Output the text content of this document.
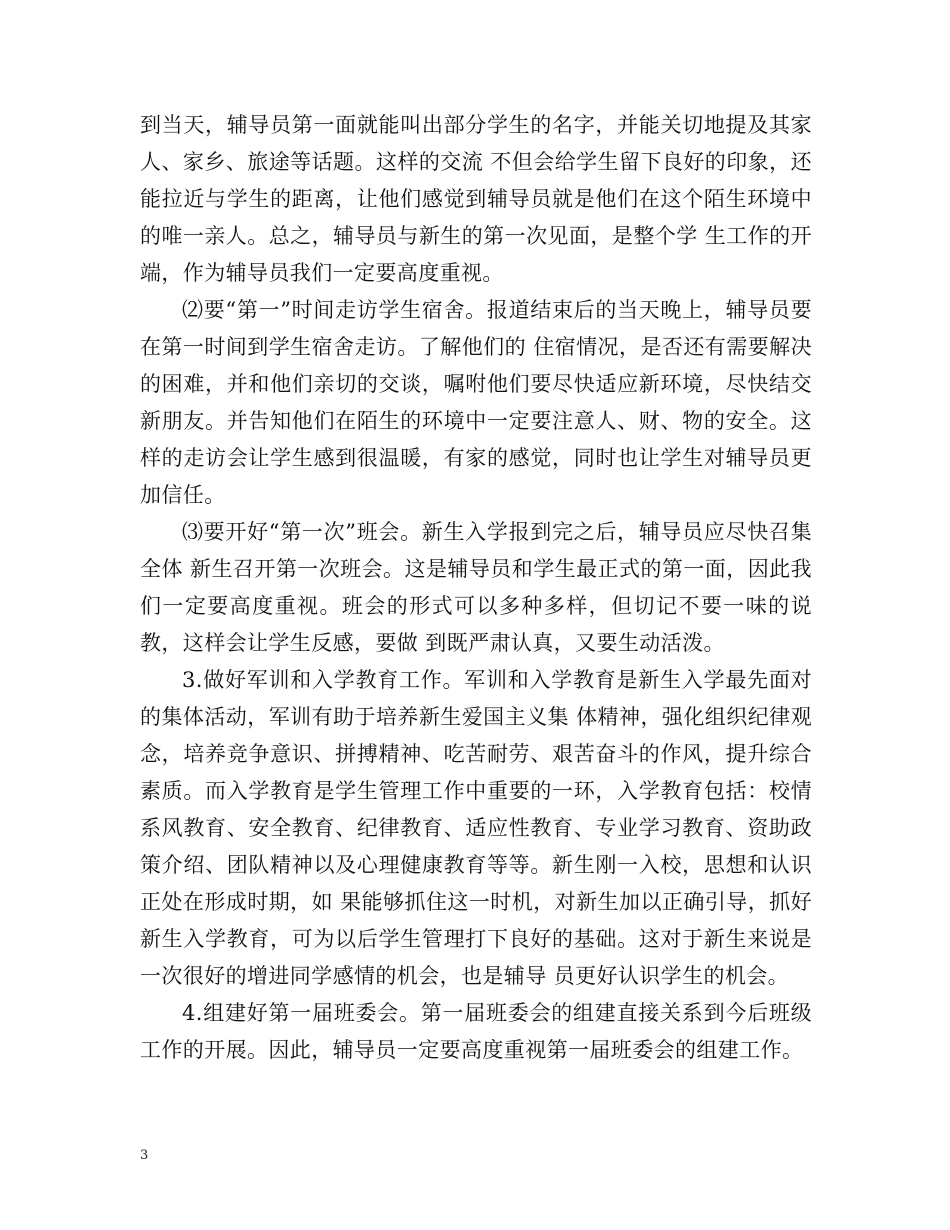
到当天，辅导员第一面就能叫出部分学生的名字，并能关切地提及其家人、家乡、旅途等话题。这样的交流 不但会给学生留下良好的印象，还能拉近与学生的距离，让他们感觉到辅导员就是他们在这个陌生环境中的唯一亲人。总之，辅导员与新生的第一次见面，是整个学 生工作的开端，作为辅导员我们一定要高度重视。

⑵要“第一”时间走访学生宿舍。报道结束后的当天晚上，辅导员要在第一时间到学生宿舍走访。了解他们的 住宿情况，是否还有需要解决的困难，并和他们亲切的交谈，嘱咐他们要尽快适应新环境，尽快结交新朋友。并告知他们在陌生的环境中一定要注意人、财、物的安全。这样的走访会让学生感到很温暖，有家的感觉，同时也让学生对辅导员更加信任。

⑶要开好“第一次”班会。新生入学报到完之后，辅导员应尽快召集全体 新生召开第一次班会。这是辅导员和学生最正式的第一面，因此我们一定要高度重视。班会的形式可以多种多样，但切记不要一味的说教，这样会让学生反感，要做 到既严肃认真，又要生动活泼。

3.做好军训和入学教育工作。军训和入学教育是新生入学最先面对的集体活动，军训有助于培养新生爱国主义集 体精神，强化组织纪律观念，培养竞争意识、拼搏精神、吃苦耐劳、艰苦奋斗的作风，提升综合素质。而入学教育是学生管理工作中重要的一环，入学教育包括：校情系风教育、安全教育、纪律教育、适应性教育、专业学习教育、资助政策介绍、团队精神以及心理健康教育等等。新生刚一入校，思想和认识正处在形成时期，如 果能够抓住这一时机，对新生加以正确引导，抓好新生入学教育，可为以后学生管理打下良好的基础。这对于新生来说是一次很好的增进同学感情的机会，也是辅导 员更好认识学生的机会。

4.组建好第一届班委会。第一届班委会的组建直接关系到今后班级工作的开展。因此，辅导员一定要高度重视第一届班委会的组建工作。

3
